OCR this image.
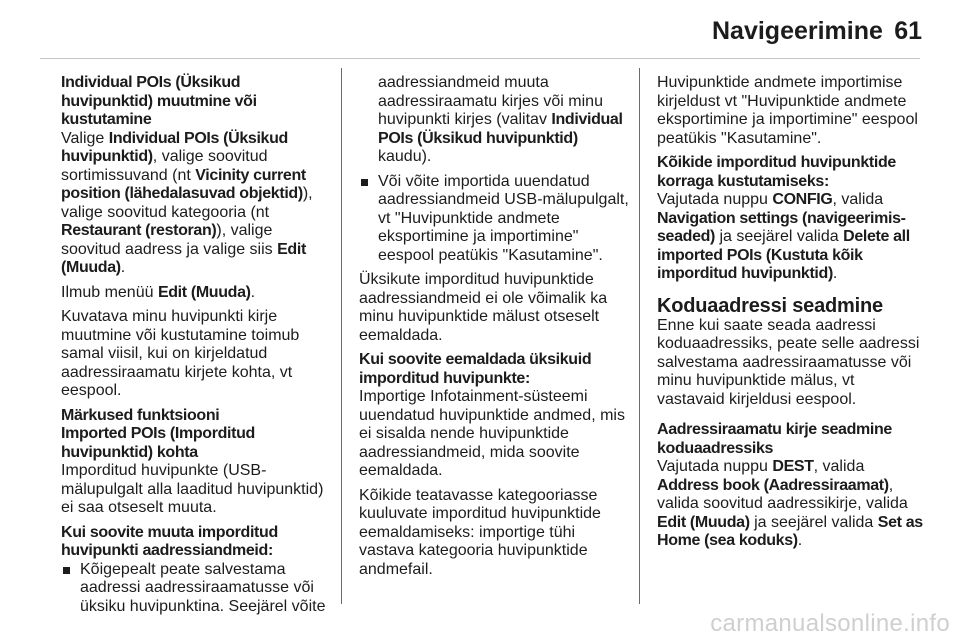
Navigeerimine 61
Individual POIs (Üksikud
huvipunktid) muutmine või
kustutamine

Valige Individual POIs (Üksikud
huvipunktid), valige soovitud sortimissuvand (nt Vicinity current
position (lähedalasuvad objektid)), valige soovitud kategooria (nt Restaurant (restoran)), valige soovitud aadress ja valige siis Edit
(Muuda).

Ilmub menüü Edit (Muuda).

Kuvatava minu huvipunkti kirje muutmine või kustutamine toimub samal viisil, kui on kirjeldatud aadressiraamatu kirjete kohta, vt eespool.

Märkused funktsiooni
Imported POIs (Imporditud
huvipunktid) kohta

Imporditud huvipunkte (USB-mälupulgalt alla laaditud huvipunktid) ei saa otseselt muuta.

Kui soovite muuta imporditud
huvipunkti aadressiandmeid:
Kõigepealt peate salvestama aadressi aadressiraamatusse või üksiku huvipunktina. Seejärel võite

aadressiandmeid muuta aadressiraamatu kirjes või minu huvipunkti kirjes (valitav Individual
POIs (Üksikud huvipunktid) kaudu).

Või võite importida uuendatud aadressiandmeid USB-mälupulgalt, vt "Huvipunktide andmete eksportimine ja importimine" eespool peatükis "Kasutamine".

Üksikute imporditud huvipunktide aadressiandmeid ei ole võimalik ka minu huvipunktide mälust otseselt eemaldada.

Kui soovite eemaldada üksikuid
imporditud huvipunkte:

Importige Infotainment-süsteemi uuendatud huvipunktide andmed, mis ei sisalda nende huvipunktide aadressiandmeid, mida soovite eemaldada.

Kõikide teatavasse kategooriasse kuuluvate imporditud huvipunktide eemaldamiseks: importige tühi vastava kategooria huvipunktide andmefail.

Huvipunktide andmete importimise kirjeldust vt "Huvipunktide andmete eksportimine ja importimine" eespool peatükis "Kasutamine".

Kõikide imporditud huvipunktide
korraga kustutamiseks:

Vajutada nuppu CONFIG, valida
Navigation settings (navigeerimis-
seaded) ja seejärel valida Delete all
imported POIs (Kustuta kõik
imporditud huvipunktid).

Koduaadressi seadmine

Enne kui saate seada aadressi koduaadressiks, peate selle aadressi salvestama aadressiraamatusse või minu huvipunktide mälus, vt vastavaid kirjeldusi eespool.

Aadressiraamatu kirje seadmine
koduaadressiks

Vajutada nuppu DEST, valida
Address book (Aadressiraamat), valida soovitud aadressikirje, valida
Edit (Muuda) ja seejärel valida Set as
Home (sea koduks).

carmanualsonline.info
